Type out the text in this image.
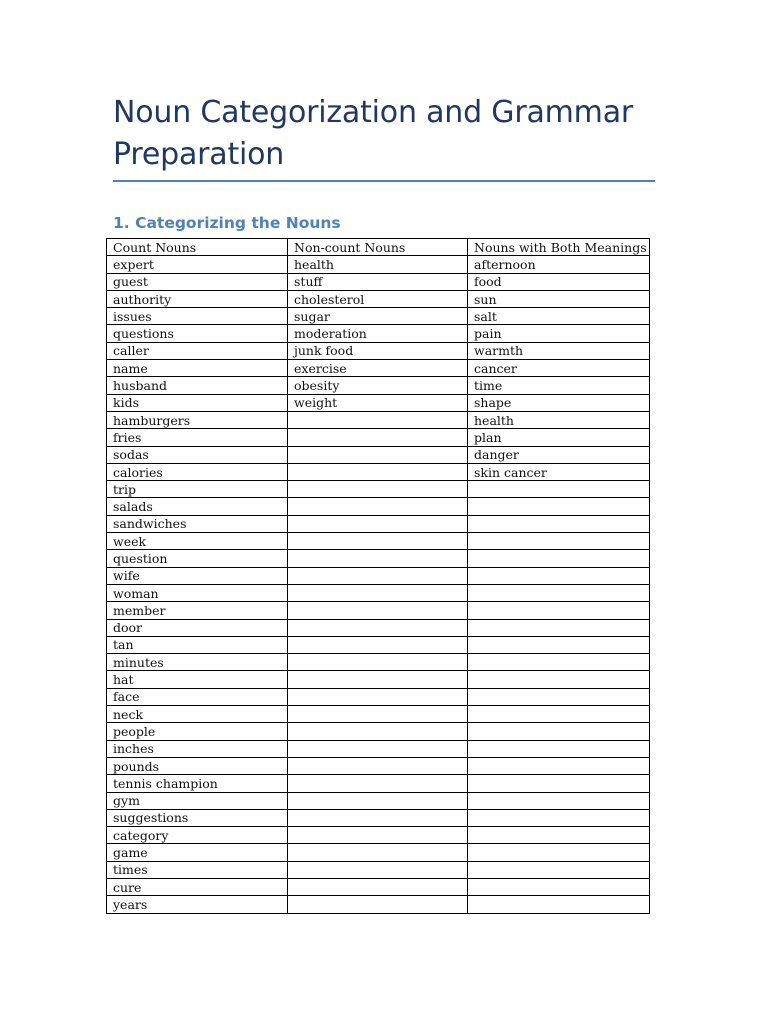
Noun Categorization and Grammar Preparation
1. Categorizing the Nouns
Count Nouns	Non-count Nouns	Nouns with Both Meanings
expert	health	afternoon
guest	stuff	food
authority	cholesterol	sun
issues	sugar	salt
questions	moderation	pain
caller	junk food	warmth
name	exercise	cancer
husband	obesity	time
kids	weight	shape
hamburgers		health
fries		plan
sodas		danger
calories		skin cancer
trip		
salads		
sandwiches		
week		
question		
wife		
woman		
member		
door		
tan		
minutes		
hat		
face		
neck		
people		
inches		
pounds		
tennis champion		
gym		
suggestions		
category		
game		
times		
cure		
years		
